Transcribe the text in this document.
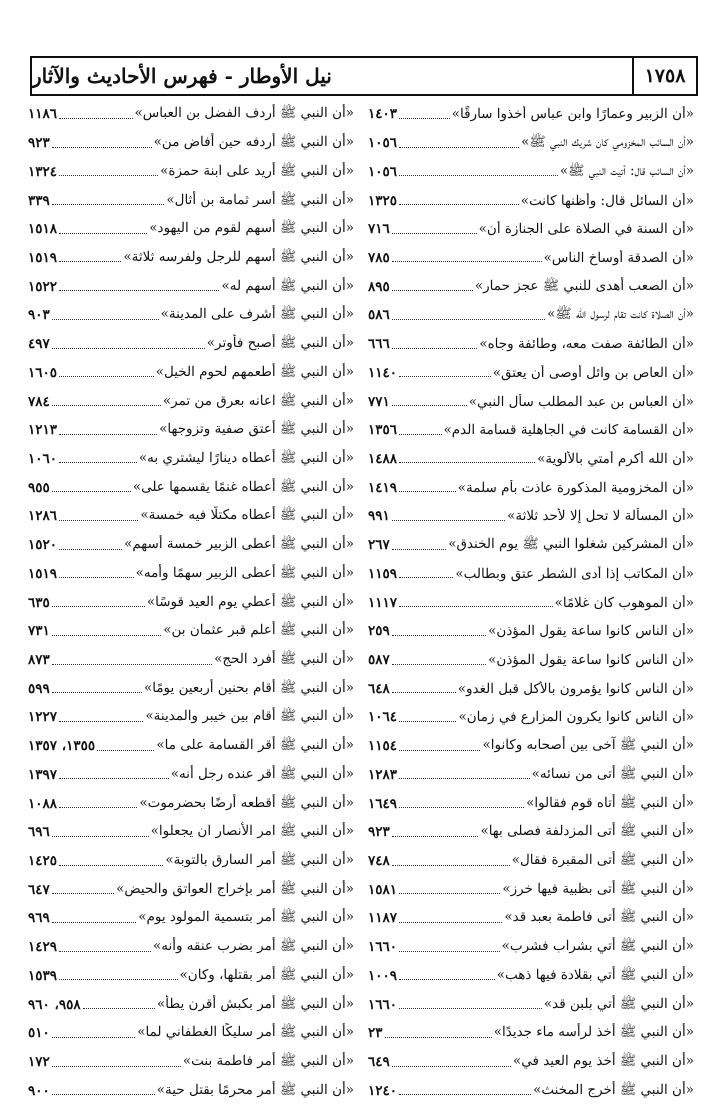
١٧٥٨
نيل الأوطار - فهرس الأحاديث والآثار
«أن الزبير وعمارًا وابن عباس أخذوا سارقًا»
١٤٠٣
«أن السائب المخزومي كان شريك النبي ﷺ»
١٠٥٦
«أن السائب قال: أتيت النبي ﷺ»
١٠٥٦
«أن السائل قال: وأظنها كانت»
١٣٢٥
«أن السنة في الصلاة على الجنازة أن»
٧١٦
«أن الصدقة أوساخ الناس»
٧٨٥
«أن الصعب أهدى للنبي ﷺ عجز حمار»
٨٩٥
«أن الصلاة كانت تقام لرسول الله ﷺ»
٥٨٦
«أن الطائفة صفت معه، وطائفة وجاه»
٦٦٦
«أن العاص بن وائل أوصى أن يعتق»
١١٤٠
«أن العباس بن عبد المطلب سأل النبي»
٧٧١
«أن القسامة كانت في الجاهلية قسامة الدم»
١٣٥٦
«أن الله أكرم أمتي بالألوية»
١٤٨٨
«أن المخزومية المذكورة عاذت بأم سلمة»
١٤١٩
«أن المسألة لا تحل إلا لأحد ثلاثة»
٩٩١
«أن المشركين شغلوا النبي ﷺ يوم الخندق»
٢٦٧
«أن المكاتب إذا أدى الشطر عتق وبطالب»
١١٥٩
«أن الموهوب كان غلامًا»
١١١٧
«أن الناس كانوا ساعة يقول المؤذن»
٢٥٩
«أن الناس كانوا ساعة يقول المؤذن»
٥٨٧
«أن الناس كانوا يؤمرون بالأكل قبل الغدو»
٦٤٨
«أن الناس كانوا يكرون المزارع في زمان»
١٠٦٤
«أن النبي ﷺ آخى بين أصحابه وكانوا»
١١٥٤
«أن النبي ﷺ أتى من نسائه»
١٢٨٣
«أن النبي ﷺ أتاه قوم فقالوا»
١٦٤٩
«أن النبي ﷺ أتى المزدلفة فصلى بها»
٩٢٣
«أن النبي ﷺ أتى المقبرة فقال»
٧٤٨
«أن النبي ﷺ أتى بظبية فيها خرز»
١٥٨١
«أن النبي ﷺ أتى فاطمة بعبد قد»
١١٨٧
«أن النبي ﷺ أتي بشراب فشرب»
١٦٦٠
«أن النبي ﷺ أتي بقلادة فيها ذهب»
١٠٠٩
«أن النبي ﷺ أتي بلبن قد»
١٦٦٠
«أن النبي ﷺ أخذ لرأسه ماء جديدًا»
٢٣
«أن النبي ﷺ أخذ يوم العيد في»
٦٤٩
«أن النبي ﷺ أخرج المخنث»
١٢٤٠
«أن النبي ﷺ أردف الفضل بن العباس»
١١٨٦
«أن النبي ﷺ أردفه حين أفاض من»
٩٢٣
«أن النبي ﷺ أريد على ابنة حمزة»
١٣٢٤
«أن النبي ﷺ أسر ثمامة بن أثال»
٣٣٩
«أن النبي ﷺ أسهم لقوم من اليهود»
١٥١٨
«أن النبي ﷺ أسهم للرجل ولفرسه ثلاثة»
١٥١٩
«أن النبي ﷺ أسهم له»
١٥٢٢
«أن النبي ﷺ أشرف على المدينة»
٩٠٣
«أن النبي ﷺ أصبح فأوتر»
٤٩٧
«أن النبي ﷺ أطعمهم لحوم الخيل»
١٦٠٥
«أن النبي ﷺ اعانه بعرق من تمر»
٧٨٤
«أن النبي ﷺ أعتق صفية وتزوجها»
١٢١٣
«أن النبي ﷺ أعطاه دينارًا ليشتري به»
١٠٦٠
«أن النبي ﷺ أعطاه غنمًا يقسمها على»
٩٥٥
«أن النبي ﷺ أعطاه مكتلًا فيه خمسة»
١٢٨٦
«أن النبي ﷺ أعطى الزبير خمسة أسهم»
١٥٢٠
«أن النبي ﷺ أعطى الزبير سهمًا وأمه»
١٥١٩
«أن النبي ﷺ أعطي يوم العيد قوسًا»
٦٣٥
«أن النبي ﷺ أعلم قبر عثمان بن»
٧٣١
«أن النبي ﷺ أفرد الحج»
٨٧٣
«أن النبي ﷺ أقام بحنين أربعين يومًا»
٥٩٩
«أن النبي ﷺ أقام بين خيبر والمدينة»
١٢٢٧
«أن النبي ﷺ أقر القسامة على ما»
١٣٥٥، ١٣٥٧
«أن النبي ﷺ أقر عنده رجل أنه»
١٣٩٧
«أن النبي ﷺ أقطعه أرضًا بحضرموت»
١٠٨٨
«أن النبي ﷺ امر الأنصار ان يجعلوا»
٦٩٦
«أن النبي ﷺ أمر السارق بالتوبة»
١٤٢٥
«أن النبي ﷺ أمر بإخراج العواتق والحيض»
٦٤٧
«أن النبي ﷺ أمر بتسمية المولود يوم»
٩٦٩
«أن النبي ﷺ أمر بضرب عنقه وأنه»
١٤٢٩
«أن النبي ﷺ أمر بقتلها، وكان»
١٥٣٩
«أن النبي ﷺ أمر بكبش أقرن يطأ»
٩٥٨، ٩٦٠
«أن النبي ﷺ أمر سليكًا الغطفاني لما»
٥١٠
«أن النبي ﷺ أمر فاطمة بنت»
١٧٢
«أن النبي ﷺ أمر محرمًا بقتل حية»
٩٠٠
